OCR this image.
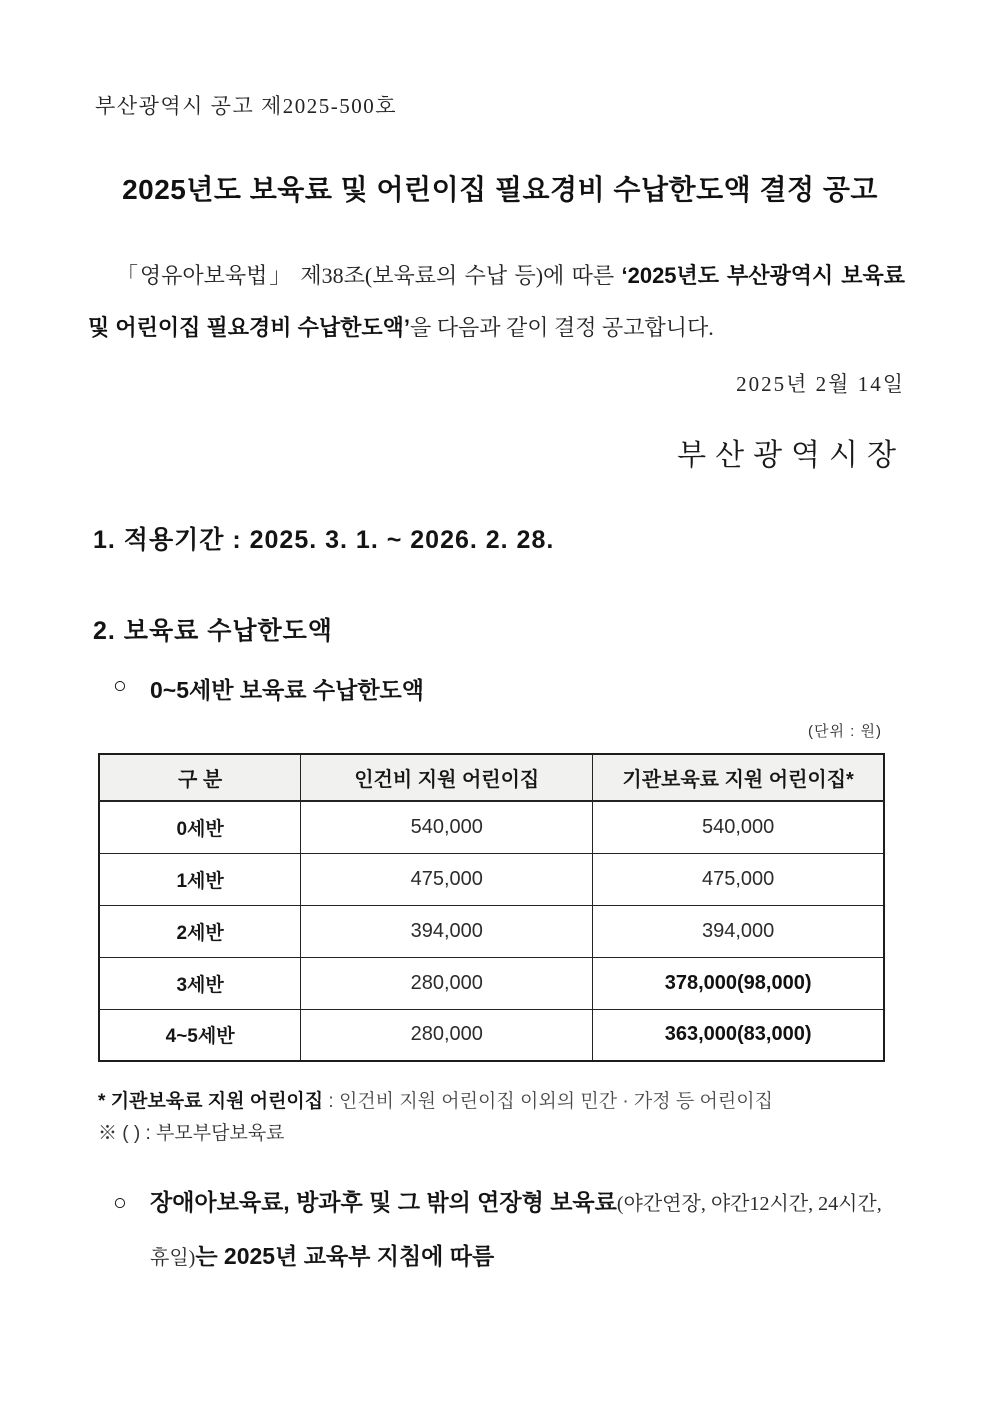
부산광역시 공고 제2025-500호
2025년도 보육료 및 어린이집 필요경비 수납한도액 결정 공고

「영유아보육법」 제38조(보육료의 수납 등)에 따른 ‘2025년도 부산광역시 보육료 및 어린이집 필요경비 수납한도액’을 다음과 같이 결정 공고합니다.

2025년 2월 14일
부산광역시장
1. 적용기간 : 2025. 3. 1. ~ 2026. 2. 28.
2. 보육료 수납한도액
○ 0~5세반 보육료 수납한도액
(단위 : 원)
구 분	인건비 지원 어린이집	기관보육료 지원 어린이집*
0세반	540,000	540,000
1세반	475,000	475,000
2세반	394,000	394,000
3세반	280,000	378,000(98,000)
4~5세반	280,000	363,000(83,000)
* 기관보육료 지원 어린이집 : 인건비 지원 어린이집 이외의 민간 · 가정 등 어린이집
※ ( ) : 부모부담보육료
○ 장애아보육료, 방과후 및 그 밖의 연장형 보육료(야간연장, 야간12시간, 24시간, 휴일)는 2025년 교육부 지침에 따름
